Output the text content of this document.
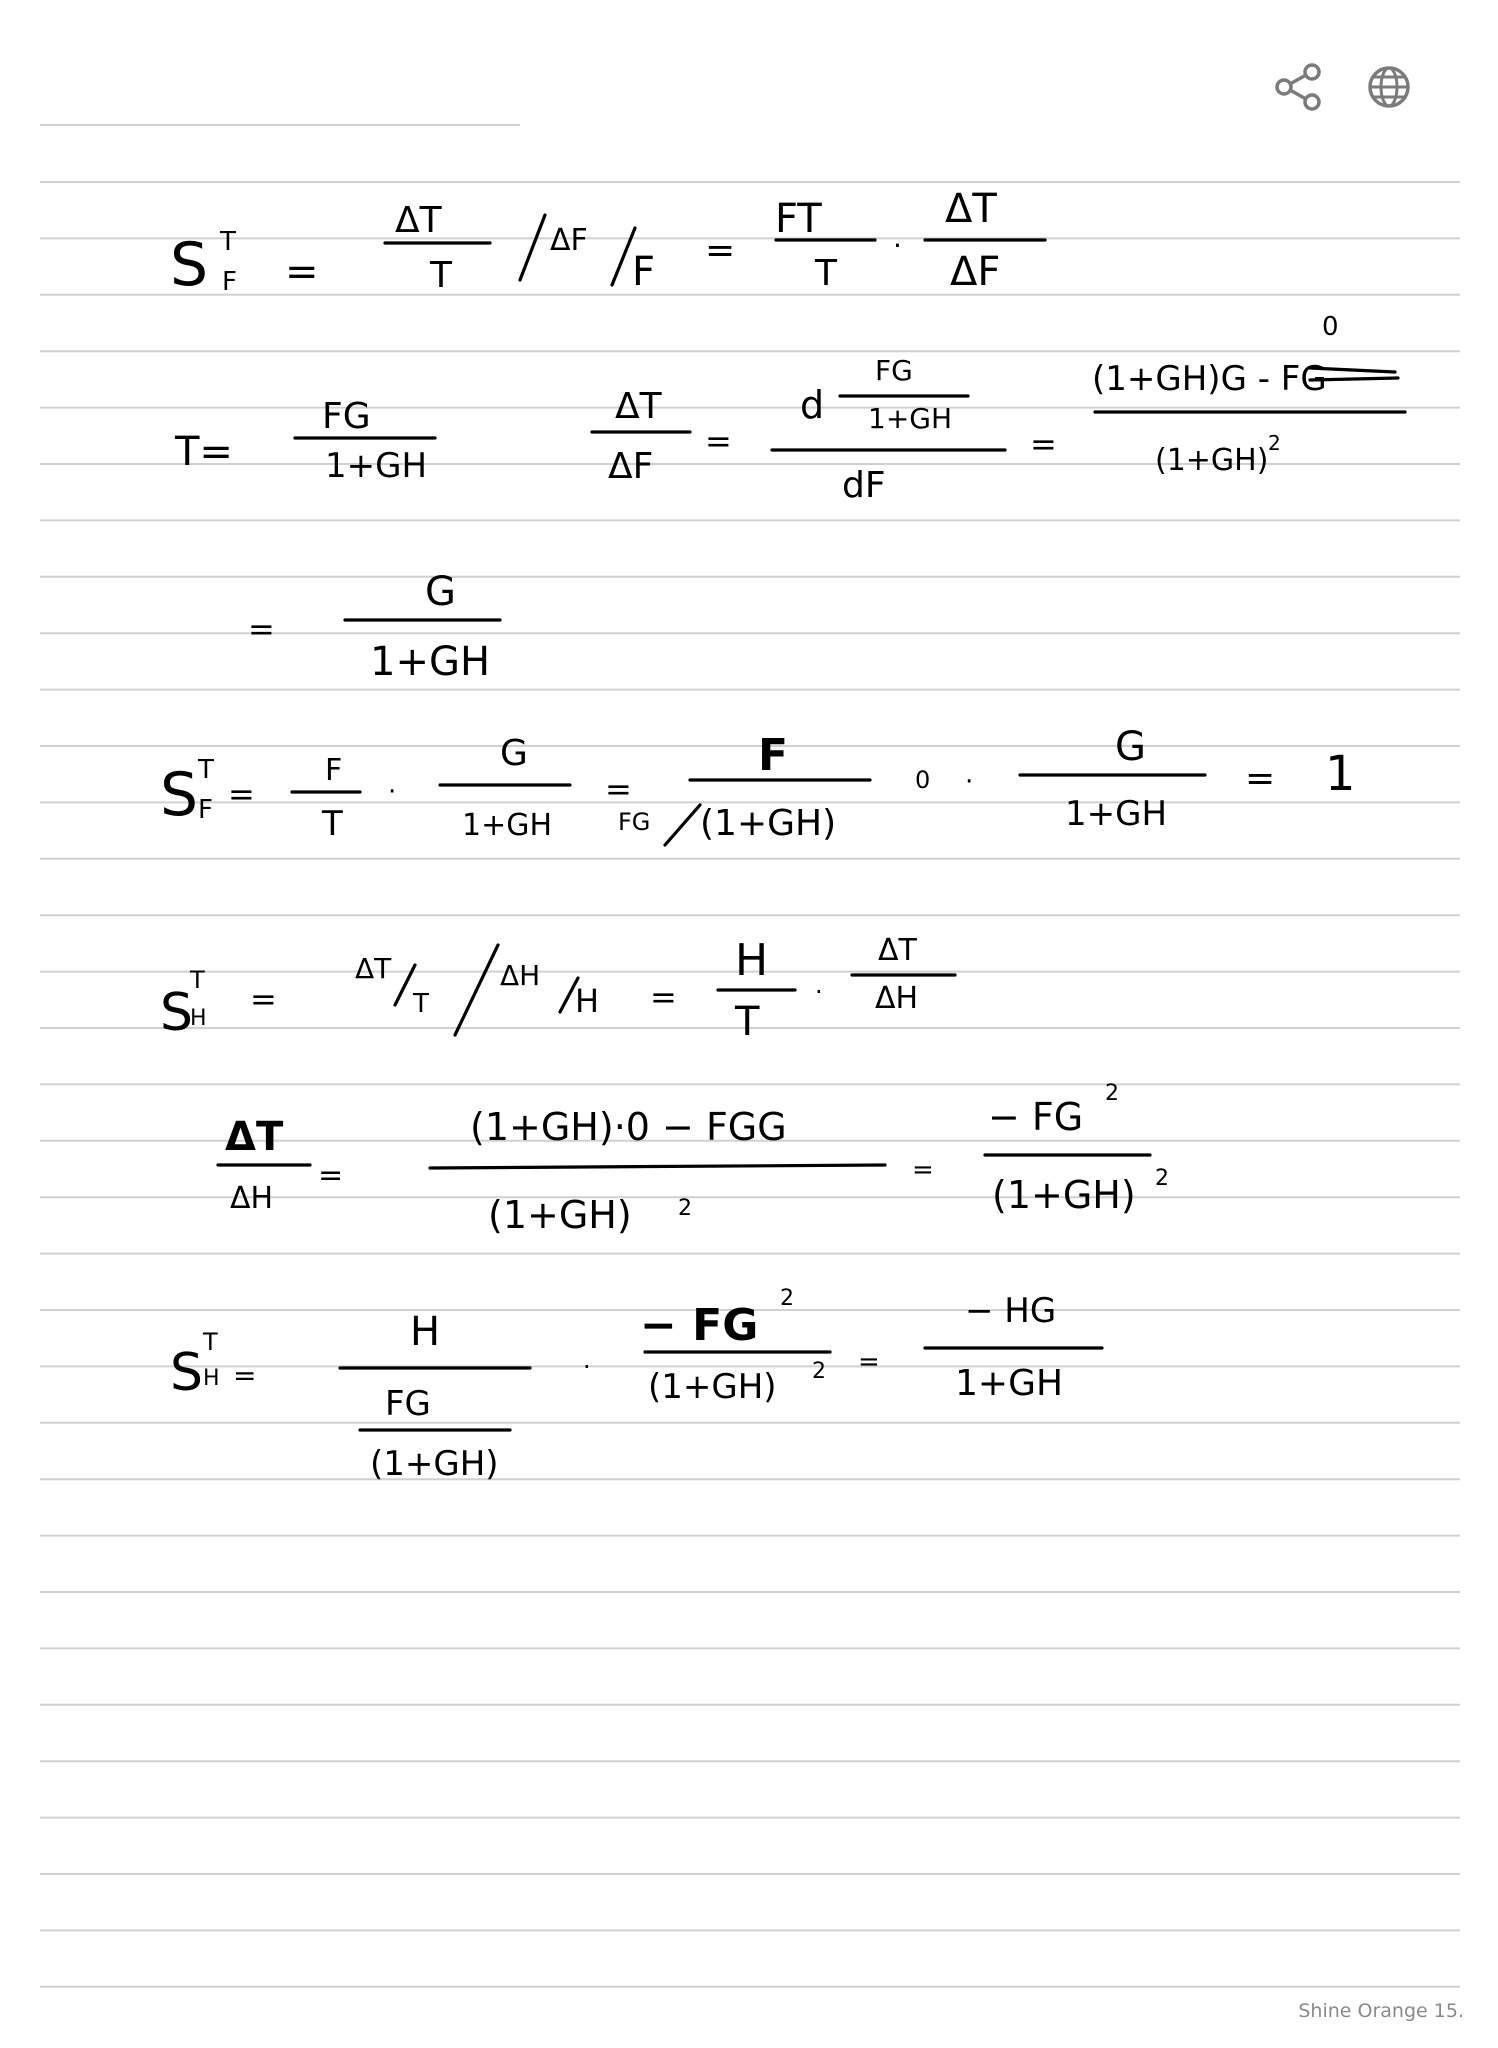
S T
F =
ΔT
T
ΔF
F =
FT
T
·
ΔT
ΔF
T=
FG
1+GH
ΔT
ΔF
=
d
FG
1+GH
dF
=
0
(1+GH)G - FG
(1+GH) 2
=
G
1+GH
S T
F =
F
T
·
G
1+GH
=
F
FG (1+GH)
0 ·
G
1+GH
= 1
S
T
H
=
ΔT
T
ΔH
H =
H
T
·
ΔT
ΔH
ΔT
ΔH
=
(1+GH)·0 − FGG
(1+GH) 2
=
− FG
2
(1+GH) 2
S
T
H =
H
FG
(1+GH)
·
− FG
2
(1+GH) 2 =
− HG
1+GH
Shine Orange 15.
